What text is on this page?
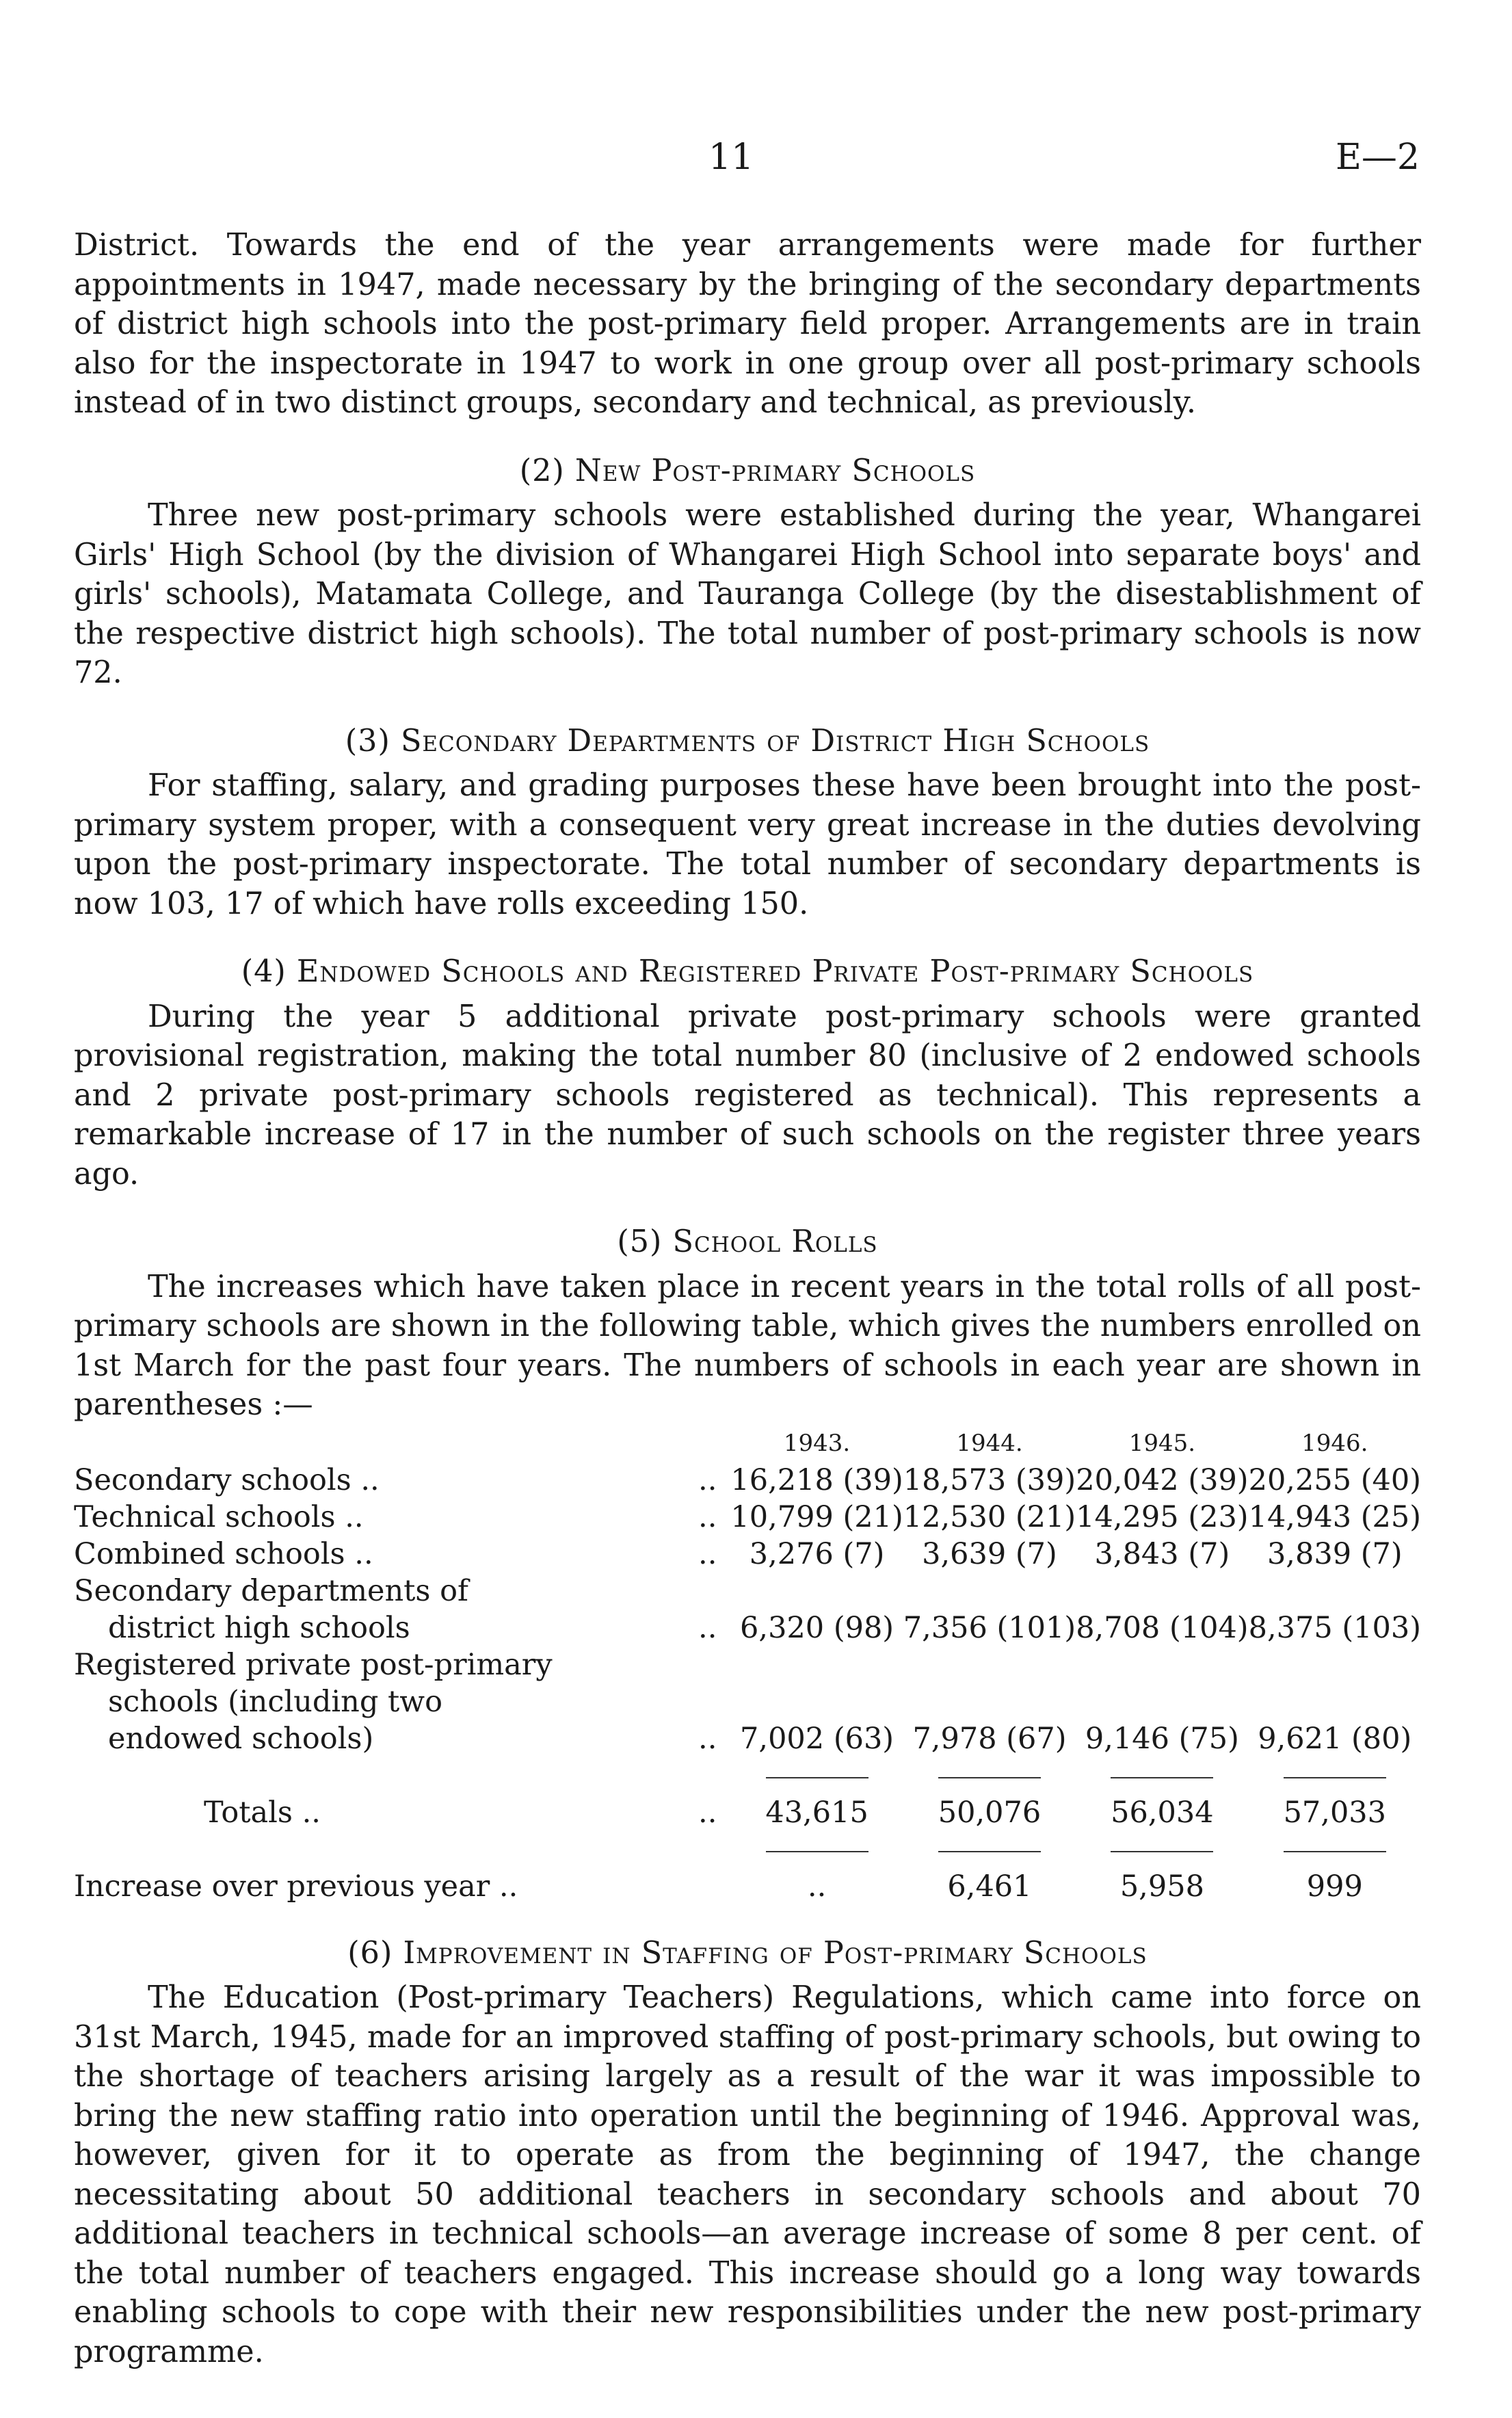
11	E—2

District. Towards the end of the year arrangements were made for further appointments in 1947, made necessary by the bringing of the secondary departments of district high schools into the post-primary field proper. Arrangements are in train also for the inspectorate in 1947 to work in one group over all post-primary schools instead of in two distinct groups, secondary and technical, as previously.

(2) New Post-primary Schools

Three new post-primary schools were established during the year, Whangarei Girls' High School (by the division of Whangarei High School into separate boys' and girls' schools), Matamata College, and Tauranga College (by the disestablishment of the respective district high schools). The total number of post-primary schools is now 72.

(3) Secondary Departments of District High Schools

For staffing, salary, and grading purposes these have been brought into the post-primary system proper, with a consequent very great increase in the duties devolving upon the post-primary inspectorate. The total number of secondary departments is now 103, 17 of which have rolls exceeding 150.

(4) Endowed Schools and Registered Private Post-primary Schools

During the year 5 additional private post-primary schools were granted provisional registration, making the total number 80 (inclusive of 2 endowed schools and 2 private post-primary schools registered as technical). This represents a remarkable increase of 17 in the number of such schools on the register three years ago.

(5) School Rolls

The increases which have taken place in recent years in the total rolls of all post-primary schools are shown in the following table, which gives the numbers enrolled on 1st March for the past four years. The numbers of schools in each year are shown in parentheses :—

		1943.	1944.	1945.	1946.
Secondary schools ..	..	16,218 (39)	18,573 (39)	20,042 (39)	20,255 (40)
Technical schools ..	..	10,799 (21)	12,530 (21)	14,295 (23)	14,943 (25)
Combined schools ..	..	3,276 (7)	3,639 (7)	3,843 (7)	3,839 (7)

Secondary departments of
district high schools	..	6,320 (98)	7,356 (101)	8,708 (104)	8,375 (103)

Registered private post-primary
schools (including two
endowed schools)	..	7,002 (63)	7,978 (67)	9,146 (75)	9,621 (80)

Totals ..	..	43,615	50,076	56,034	57,033

Increase over previous year ..		..	6,461	5,958	999
(6) Improvement in Staffing of Post-primary Schools

The Education (Post-primary Teachers) Regulations, which came into force on 31st March, 1945, made for an improved staffing of post-primary schools, but owing to the shortage of teachers arising largely as a result of the war it was impossible to bring the new staffing ratio into operation until the beginning of 1946. Approval was, however, given for it to operate as from the beginning of 1947, the change necessitating about 50 additional teachers in secondary schools and about 70 additional teachers in technical schools—an average increase of some 8 per cent. of the total number of teachers engaged. This increase should go a long way towards enabling schools to cope with their new responsibilities under the new post-primary programme.
